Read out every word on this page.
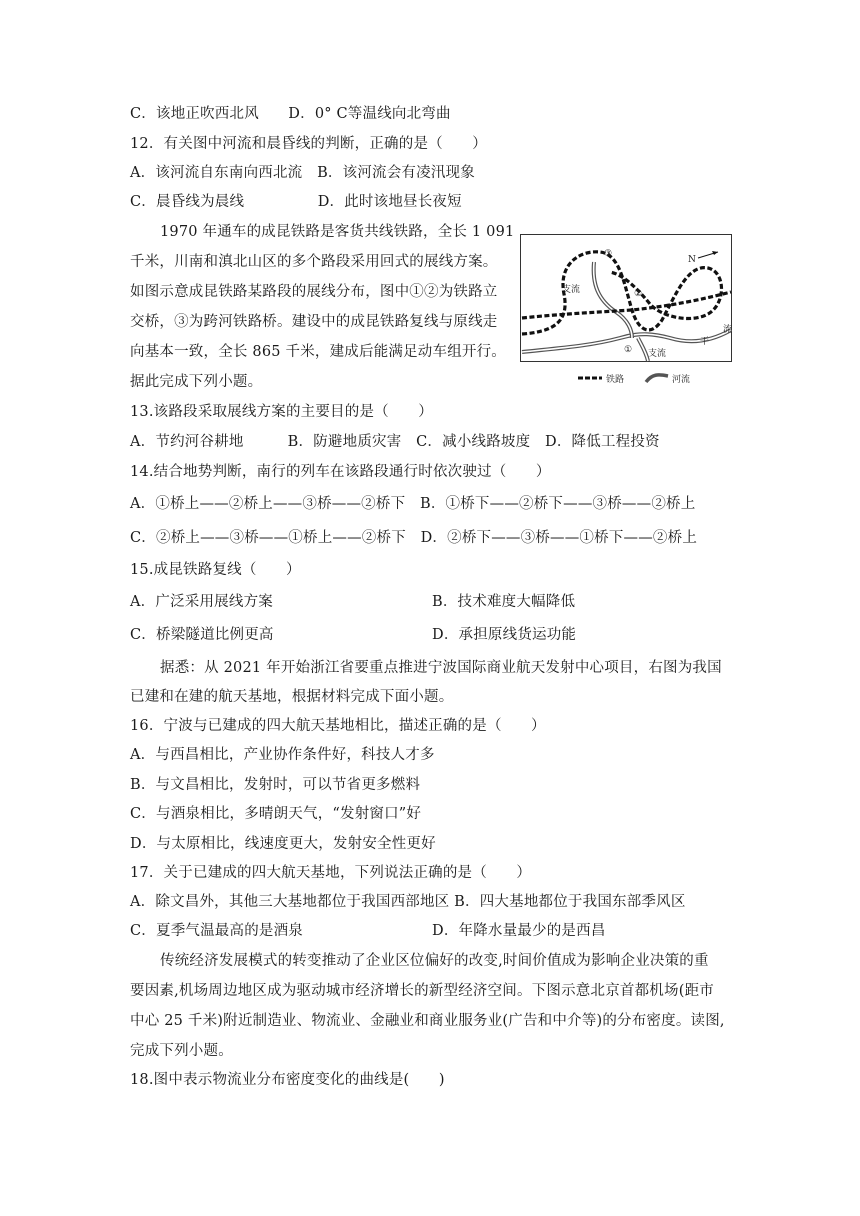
C．该地正吹西北风　　D．0° C等温线向北弯曲
12．有关图中河流和晨昏线的判断，正确的是（　　）
A．该河流自东南向西北流　B．该河流会有凌汛现象
C．晨昏线为晨线　　　　　D．此时该地昼长夜短
1970 年通车的成昆铁路是客货共线铁路，全长 1 091
千米，川南和滇北山区的多个路段采用回式的展线方案。
如图示意成昆铁路某路段的展线分布，图中①②为铁路立
交桥，③为跨河铁路桥。建设中的成昆铁路复线与原线走
向基本一致，全长 865 千米，建成后能满足动车组开行。
据此完成下列小题。
③
②
①
支流
支流
流
干
N
铁路	河流
13.该路段采取展线方案的主要目的是（　　）
A．节约河谷耕地　　　B．防避地质灾害　C．减小线路坡度　D．降低工程投资
14.结合地势判断，南行的列车在该路段通行时依次驶过（　　）
A．①桥上——②桥上——③桥——②桥下　B．①桥下——②桥下——③桥——②桥上
C．②桥上——③桥——①桥上——②桥下　D．②桥下——③桥——①桥下——②桥上
15.成昆铁路复线（　　）
A．广泛采用展线方案	B．技术难度大幅降低
C．桥梁隧道比例更高	D．承担原线货运功能
据悉：从 2021 年开始浙江省要重点推进宁波国际商业航天发射中心项目，右图为我国
已建和在建的航天基地，根据材料完成下面小题。
16．宁波与已建成的四大航天基地相比，描述正确的是（　　）
A．与西昌相比，产业协作条件好，科技人才多
B．与文昌相比，发射时，可以节省更多燃料
C．与酒泉相比，多晴朗天气，“发射窗口”好
D．与太原相比，线速度更大，发射安全性更好
17．关于已建成的四大航天基地，下列说法正确的是（　　）
A．除文昌外，其他三大基地都位于我国西部地区 B．四大基地都位于我国东部季风区
C．夏季气温最高的是酒泉	D．年降水量最少的是西昌
传统经济发展模式的转变推动了企业区位偏好的改变,时间价值成为影响企业决策的重
要因素,机场周边地区成为驱动城市经济增长的新型经济空间。下图示意北京首都机场(距市
中心 25 千米)附近制造业、物流业、金融业和商业服务业(广告和中介等)的分布密度。读图,
完成下列小题。
18.图中表示物流业分布密度变化的曲线是(　　)
